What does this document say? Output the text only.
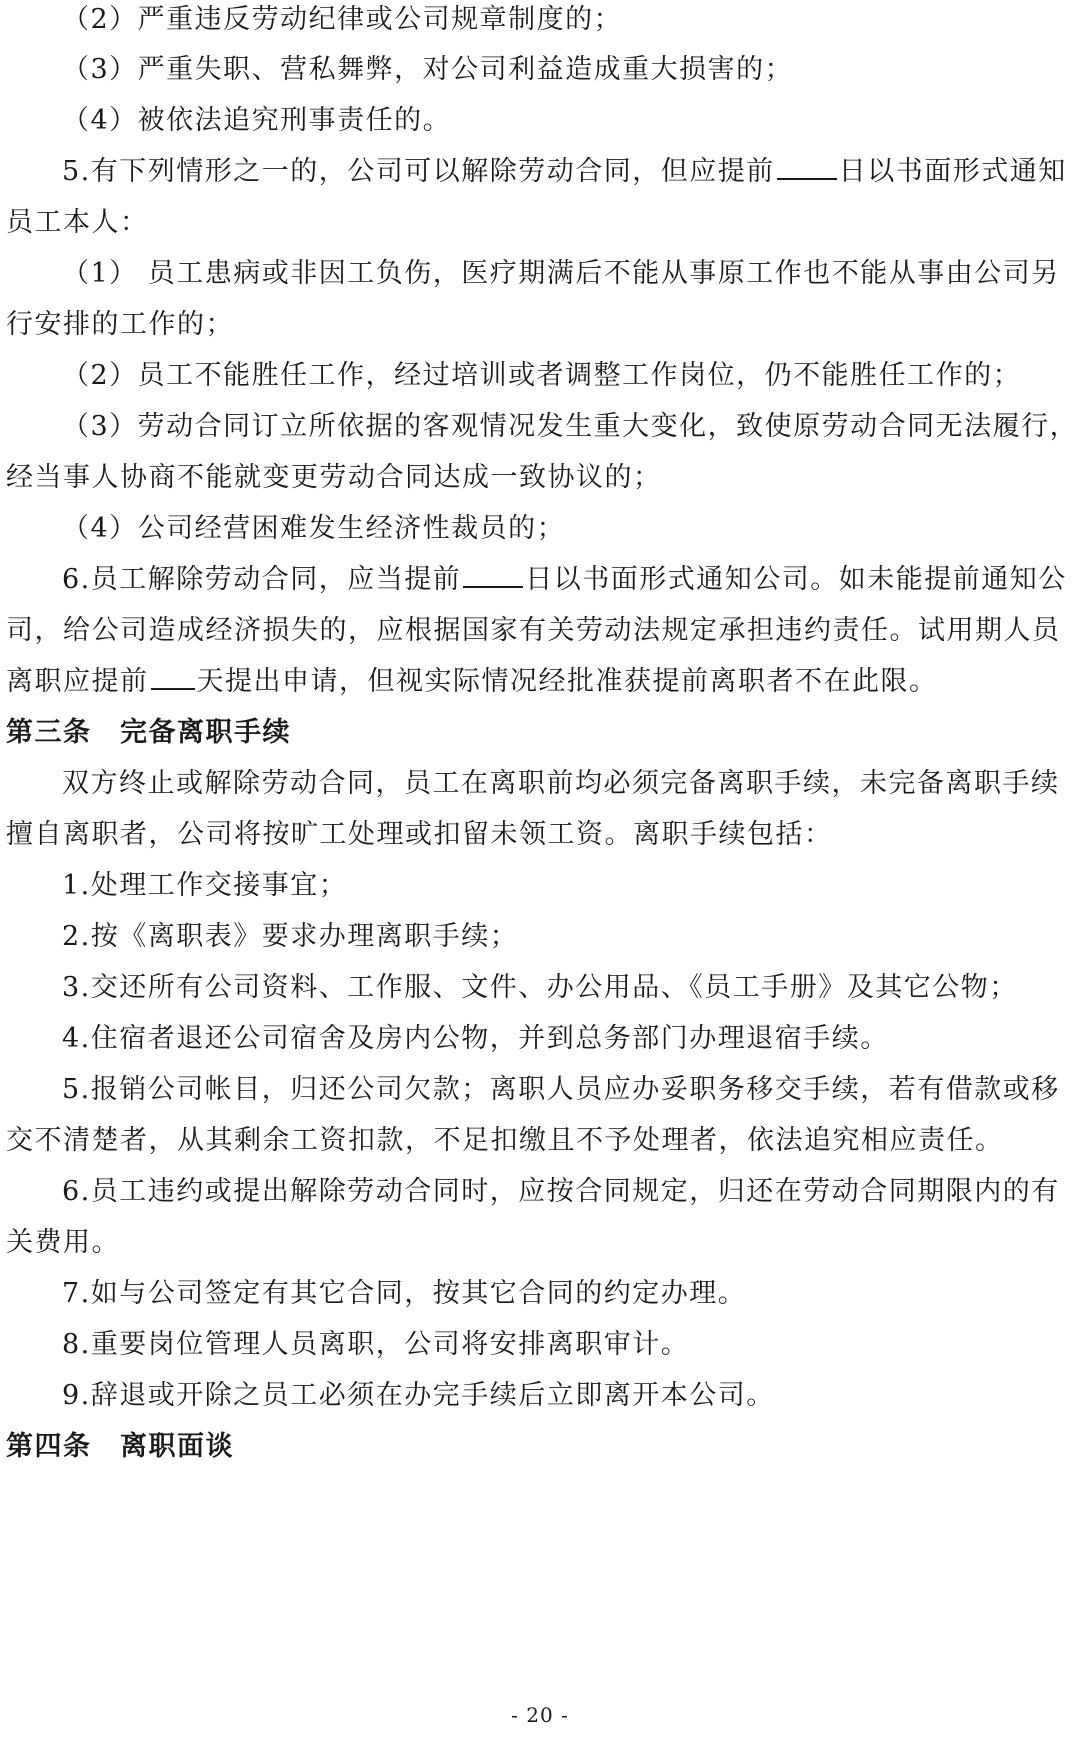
（2）严重违反劳动纪律或公司规章制度的；
（3）严重失职、营私舞弊，对公司利益造成重大损害的；
（4）被依法追究刑事责任的。
5.有下列情形之一的，公司可以解除劳动合同，但应提前 日以书面形式通知
员工本人：
（1） 员工患病或非因工负伤，医疗期满后不能从事原工作也不能从事由公司另
行安排的工作的；
（2）员工不能胜任工作，经过培训或者调整工作岗位，仍不能胜任工作的；
（3）劳动合同订立所依据的客观情况发生重大变化，致使原劳动合同无法履行，
经当事人协商不能就变更劳动合同达成一致协议的；
（4）公司经营困难发生经济性裁员的；
6.员工解除劳动合同，应当提前 日以书面形式通知公司。如未能提前通知公
司，给公司造成经济损失的，应根据国家有关劳动法规定承担违约责任。试用期人员
离职应提前 天提出申请，但视实际情况经批准获提前离职者不在此限。
第三条　完备离职手续
双方终止或解除劳动合同，员工在离职前均必须完备离职手续，未完备离职手续
擅自离职者，公司将按旷工处理或扣留未领工资。离职手续包括：
1.处理工作交接事宜；
2.按《离职表》要求办理离职手续；
3.交还所有公司资料、工作服、文件、办公用品、《员工手册》及其它公物；
4.住宿者退还公司宿舍及房内公物，并到总务部门办理退宿手续。
5.报销公司帐目，归还公司欠款；离职人员应办妥职务移交手续，若有借款或移
交不清楚者，从其剩余工资扣款，不足扣缴且不予处理者，依法追究相应责任。
6.员工违约或提出解除劳动合同时，应按合同规定，归还在劳动合同期限内的有
关费用。
7.如与公司签定有其它合同，按其它合同的约定办理。
8.重要岗位管理人员离职，公司将安排离职审计。
9.辞退或开除之员工必须在办完手续后立即离开本公司。
第四条　离职面谈
- 20 -
